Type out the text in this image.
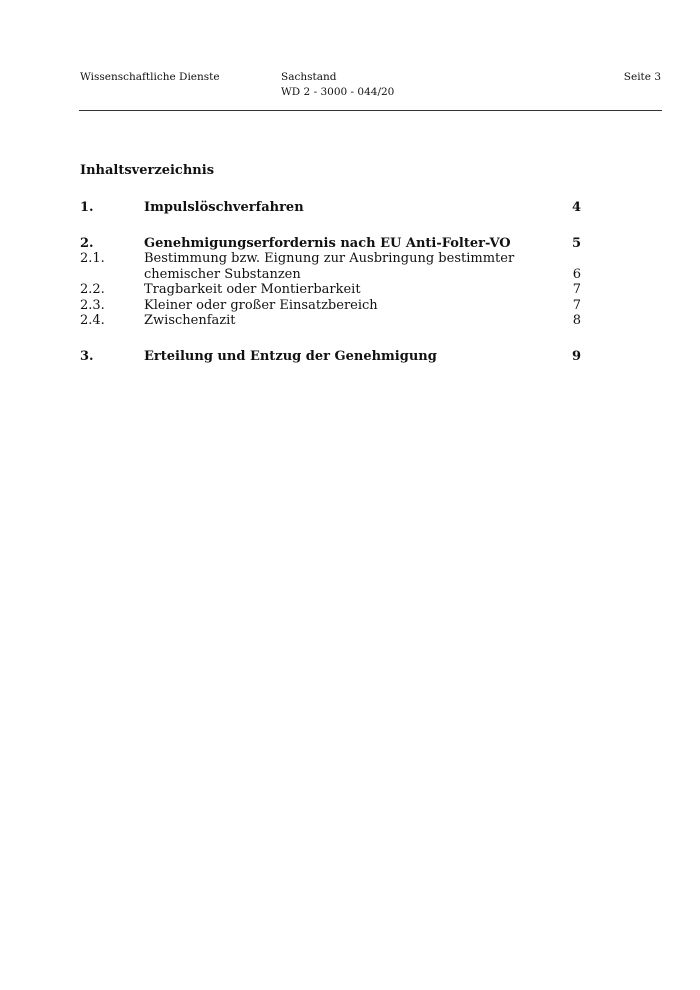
Wissenschaftliche Dienste	Sachstand
WD 2 - 3000 - 044/20
Seite 3
Inhaltsverzeichnis
1.	Impulslöschverfahren	4
2.	Genehmigungserfordernis nach EU Anti-Folter-VO	5
2.1.	Bestimmung bzw. Eignung zur Ausbringung bestimmter
chemischer Substanzen	6
2.2.	Tragbarkeit oder Montierbarkeit	7
2.3.	Kleiner oder großer Einsatzbereich	7
2.4.	Zwischenfazit	8
3.	Erteilung und Entzug der Genehmigung	9
